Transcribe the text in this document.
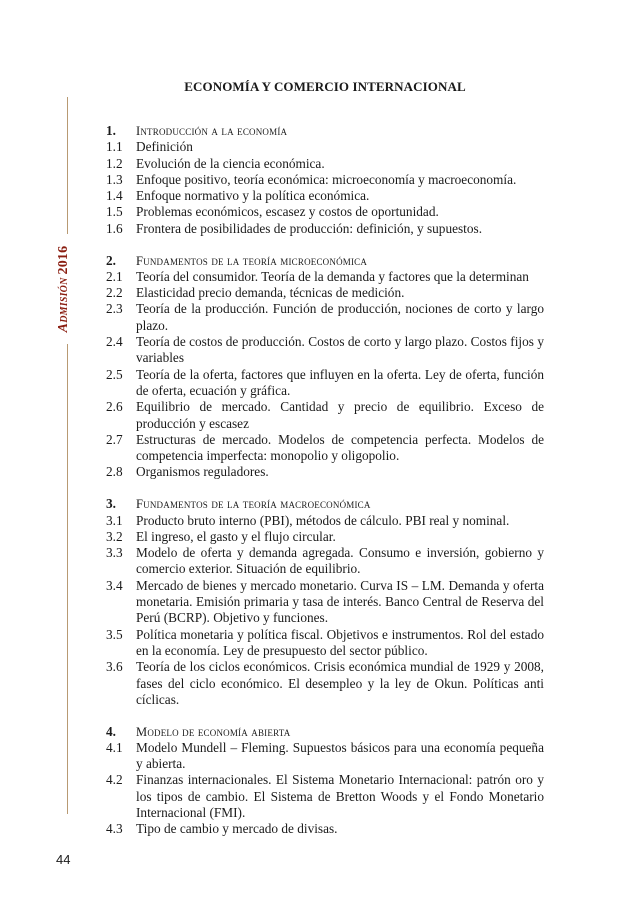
Admisión2016
ECONOMÍA Y COMERCIO INTERNACIONAL
1.	Introducción a la economía
1.1	Definición
1.2	Evolución de la ciencia económica.
1.3	Enfoque positivo, teoría económica: microeconomía y macroeconomía.
1.4	Enfoque normativo y la política económica.
1.5	Problemas económicos, escasez y costos de oportunidad.
1.6	Frontera de posibilidades de producción: definición, y supuestos.
2.	Fundamentos de la teoría microeconómica
2.1	Teoría del consumidor. Teoría de la demanda y factores que la determinan
2.2	Elasticidad precio demanda, técnicas de medición.
2.3	Teoría de la producción. Función de producción, nociones de corto y largo plazo.
2.4	Teoría de costos de producción. Costos de corto y largo plazo. Costos fijos y variables
2.5	Teoría de la oferta, factores que influyen en la oferta. Ley de oferta, función de oferta, ecuación y gráfica.
2.6	Equilibrio de mercado. Cantidad y precio de equilibrio. Exceso de producción y escasez
2.7	Estructuras de mercado. Modelos de competencia perfecta. Modelos de competencia imperfecta: monopolio y oligopolio.
2.8	Organismos reguladores.
3.	Fundamentos de la teoría macroeconómica
3.1	Producto bruto interno (PBI), métodos de cálculo. PBI real y nominal.
3.2	El ingreso, el gasto y el flujo circular.
3.3	Modelo de oferta y demanda agregada. Consumo e inversión, gobierno y comercio exterior. Situación de equilibrio.
3.4	Mercado de bienes y mercado monetario. Curva IS – LM. Demanda y oferta monetaria. Emisión primaria y tasa de interés. Banco Central de Reserva del Perú (BCRP). Objetivo y funciones.
3.5	Política monetaria y política fiscal. Objetivos e instrumentos. Rol del estado en la economía. Ley de presupuesto del sector público.
3.6	Teoría de los ciclos económicos. Crisis económica mundial de 1929 y 2008, fases del ciclo económico. El desempleo y la ley de Okun. Políticas anti cíclicas.
4.	Modelo de economía abierta
4.1	Modelo Mundell – Fleming. Supuestos básicos para una economía pequeña y abierta.
4.2	Finanzas internacionales. El Sistema Monetario Internacional: patrón oro y los tipos de cambio. El Sistema de Bretton Woods y el Fondo Monetario Internacional (FMI).
4.3	Tipo de cambio y mercado de divisas.
44
